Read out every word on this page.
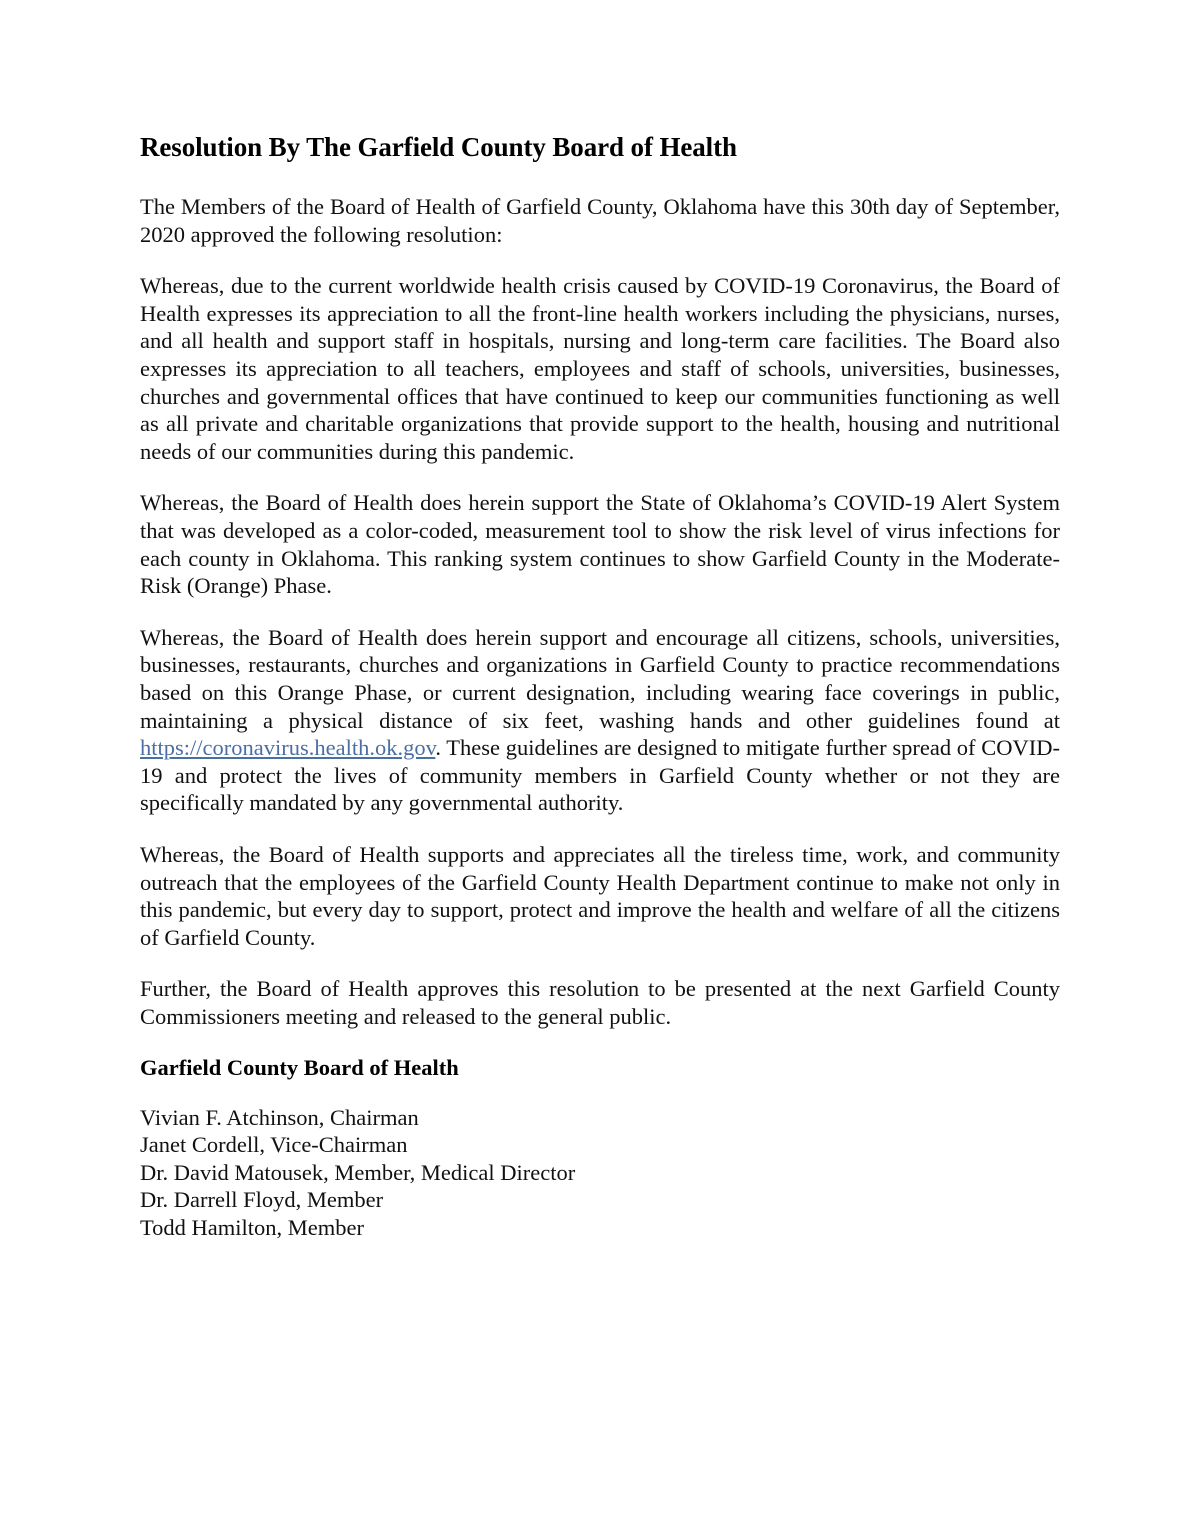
Resolution By The Garfield County Board of Health

The Members of the Board of Health of Garfield County, Oklahoma have this 30th day of September, 2020 approved the following resolution:

Whereas, due to the current worldwide health crisis caused by COVID-19 Coronavirus, the Board of Health expresses its appreciation to all the front-line health workers including the physicians, nurses, and all health and support staff in hospitals, nursing and long-term care facilities. The Board also expresses its appreciation to all teachers, employees and staff of schools, universities, businesses, churches and governmental offices that have continued to keep our communities functioning as well as all private and charitable organizations that provide support to the health, housing and nutritional needs of our communities during this pandemic.

Whereas, the Board of Health does herein support the State of Oklahoma’s COVID-19 Alert System that was developed as a color-coded, measurement tool to show the risk level of virus infections for each county in Oklahoma. This ranking system continues to show Garfield County in the Moderate-Risk (Orange) Phase.

Whereas, the Board of Health does herein support and encourage all citizens, schools, universities, businesses, restaurants, churches and organizations in Garfield County to practice recommendations based on this Orange Phase, or current designation, including wearing face coverings in public, maintaining a physical distance of six feet, washing hands and other guidelines found at https://coronavirus.health.ok.gov. These guidelines are designed to mitigate further spread of COVID-19 and protect the lives of community members in Garfield County whether or not they are specifically mandated by any governmental authority.

Whereas, the Board of Health supports and appreciates all the tireless time, work, and community outreach that the employees of the Garfield County Health Department continue to make not only in this pandemic, but every day to support, protect and improve the health and welfare of all the citizens of Garfield County.

Further, the Board of Health approves this resolution to be presented at the next Garfield County Commissioners meeting and released to the general public.

Garfield County Board of Health
Vivian F. Atchinson, Chairman
Janet Cordell, Vice-Chairman
Dr. David Matousek, Member, Medical Director
Dr. Darrell Floyd, Member
Todd Hamilton, Member
